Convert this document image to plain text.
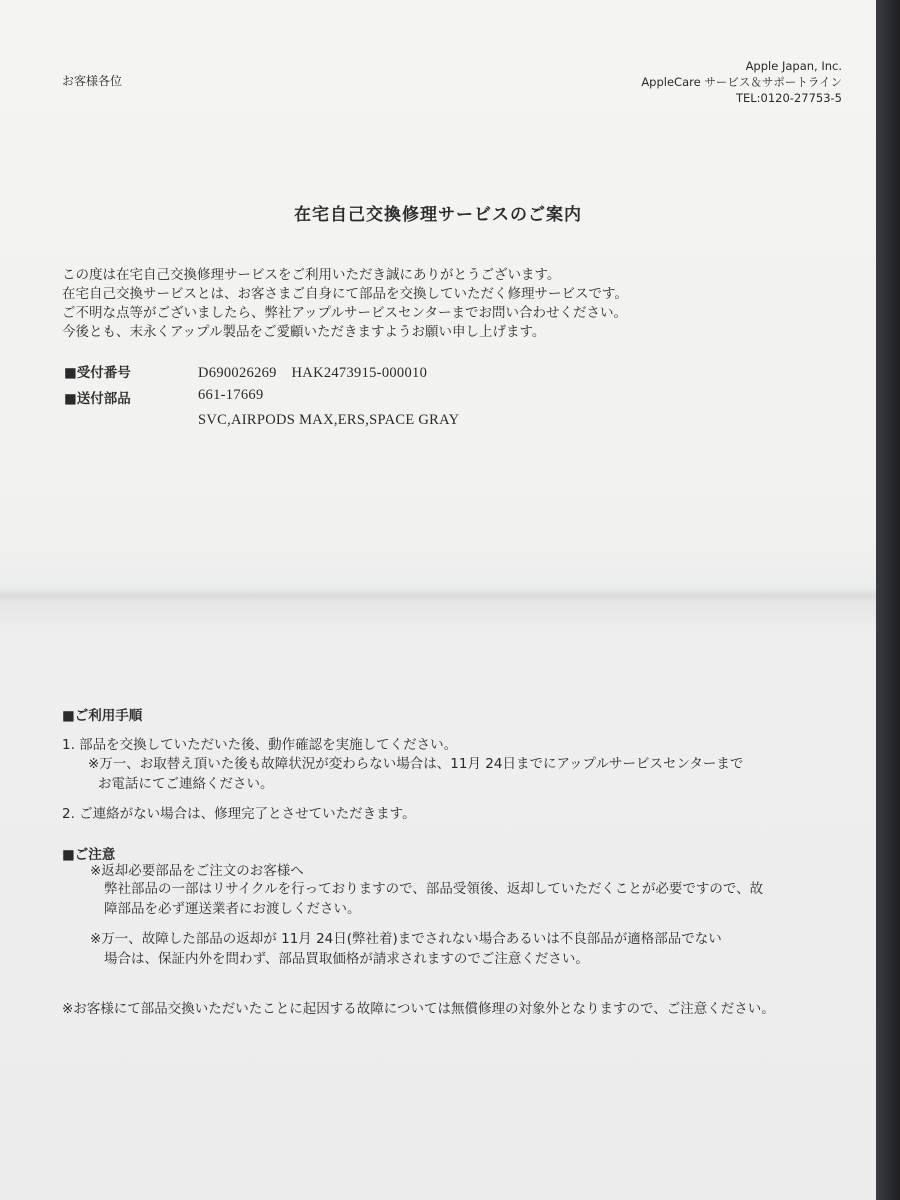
お客様各位
Apple Japan, Inc.
AppleCare サービス＆サポートライン
TEL:0120-27753-5
在宅自己交換修理サービスのご案内
この度は在宅自己交換修理サービスをご利用いただき誠にありがとうございます。
在宅自己交換サービスとは、お客さまご自身にて部品を交換していただく修理サービスです。
ご不明な点等がございましたら、弊社アップルサービスセンターまでお問い合わせください。
今後とも、末永くアップル製品をご愛顧いただきますようお願い申し上げます。
■受付番号	D690026269　HAK2473915-000010
■送付部品	661-17669
SVC,AIRPODS MAX,ERS,SPACE GRAY
■ご利用手順
1. 部品を交換していただいた後、動作確認を実施してください。
※万一、お取替え頂いた後も故障状況が変わらない場合は、11月 24日までにアップルサービスセンターまで
お電話にてご連絡ください。
2. ご連絡がない場合は、修理完了とさせていただきます。
■ご注意
※返却必要部品をご注文のお客様へ
弊社部品の一部はリサイクルを行っておりますので、部品受領後、返却していただくことが必要ですので、故
障部品を必ず運送業者にお渡しください。
※万一、故障した部品の返却が 11月 24日(弊社着)までされない場合あるいは不良部品が適格部品でない
場合は、保証内外を問わず、部品買取価格が請求されますのでご注意ください。
※お客様にて部品交換いただいたことに起因する故障については無償修理の対象外となりますので、ご注意ください。
